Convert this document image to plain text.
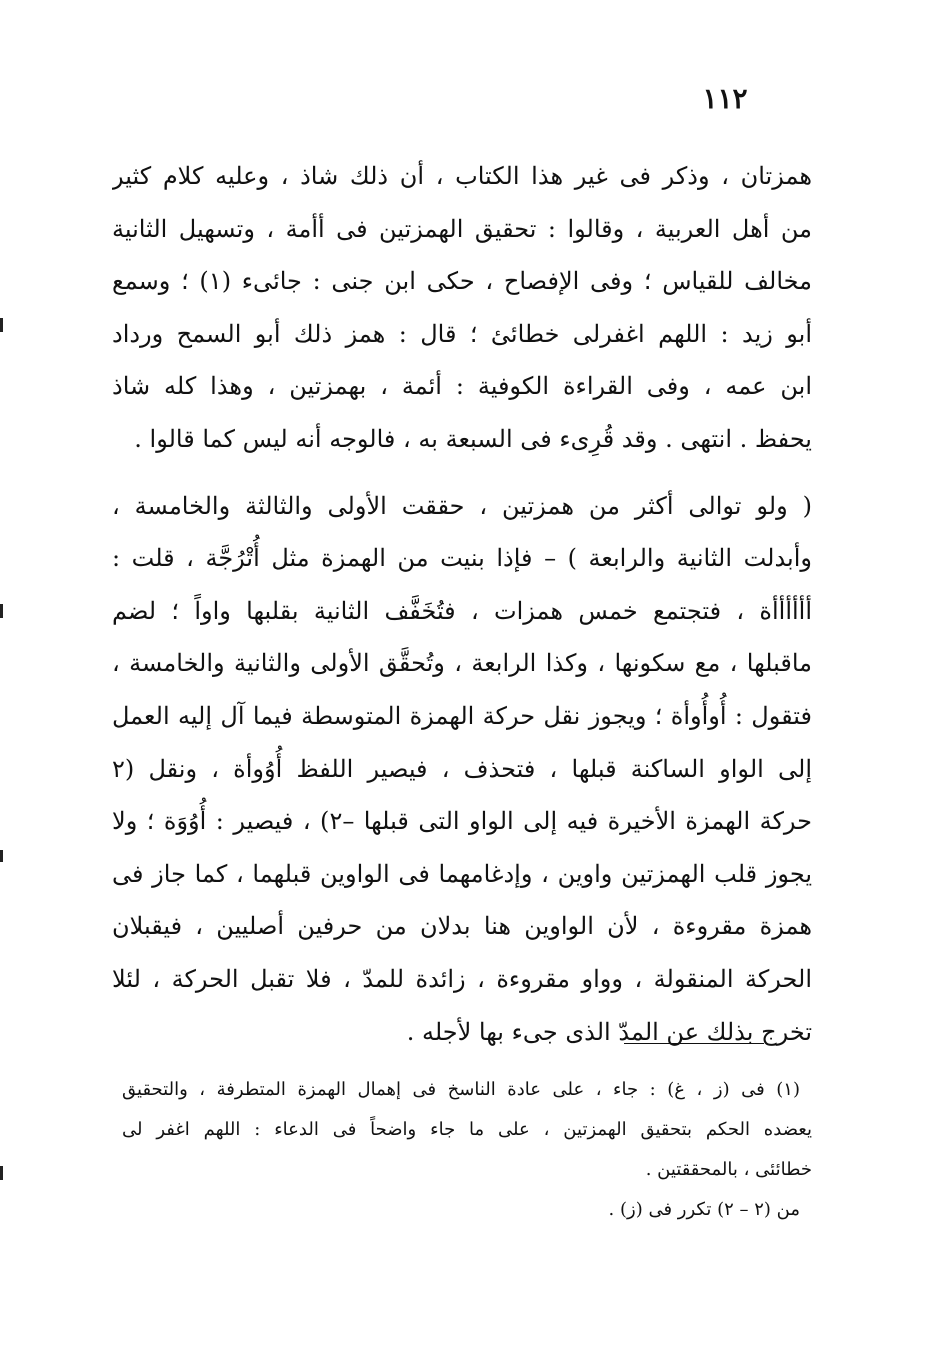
١١٢
همزتان ، وذكر فى غير هذا الكتاب ، أن ذلك شاذ ، وعليه كلام كثير
من أهل العربية ، وقالوا : تحقيق الهمزتين فى أأمة ، وتسهيل الثانية
مخالف للقياس ؛ وفى الإفصاح ، حكى ابن جنى : جائىء (١) ؛ وسمع
أبو زيد : اللهم اغفرلى خطائئ ؛ قال : همز ذلك أبو السمح ورداد
ابن عمه ، وفى القراءة الكوفية : أئمة ، بهمزتين ، وهذا كله شاذ
يحفظ . انتهى . وقد قُرِىء فى السبعة به ، فالوجه أنه ليس كما قالوا .
( ولو توالى أكثر من همزتين ، حققت الأولى والثالثة والخامسة ،
وأبدلت الثانية والرابعة ) – فإذا بنيت من الهمزة مثل أُتْرُجَّة ، قلت :
أأأأأأة ، فتجتمع خمس همزات ، فتُخَفَّف الثانية بقلبها واواً ؛ لضم
ماقبلها ، مع سكونها ، وكذا الرابعة ، وتُحقَّق الأولى والثانية والخامسة ،
فتقول : أُوأُوأة ؛ ويجوز نقل حركة الهمزة المتوسطة فيما آل إليه العمل
إلى الواو الساكنة قبلها ، فتحذف ، فيصير اللفظ أُوُوأة ، ونقل (٢
حركة الهمزة الأخيرة فيه إلى الواو التى قبلها –٢) ، فيصير : أُوُوَة ؛ ولا
يجوز قلب الهمزتين واوين ، وإدغامهما فى الواوين قبلهما ، كما جاز فى
همزة مقروءة ، لأن الواوين هنا بدلان من حرفين أصليين ، فيقبلان
الحركة المنقولة ، وواو مقروءة ، زائدة للمدّ ، فلا تقبل الحركة ، لئلا
تخرج بذلك عن المدّ الذى جىء بها لأجله .
(١) فى (ز ، غ) : جاء ، على عادة الناسخ فى إهمال الهمزة المتطرفة ، والتحقيق
يعضده الحكم بتحقيق الهمزتين ، على ما جاء واضحاً فى الدعاء : اللهم اغفر لى
خطائئى ، بالمحققتين .
من (٢ – ٢) تكرر فى (ز) .
